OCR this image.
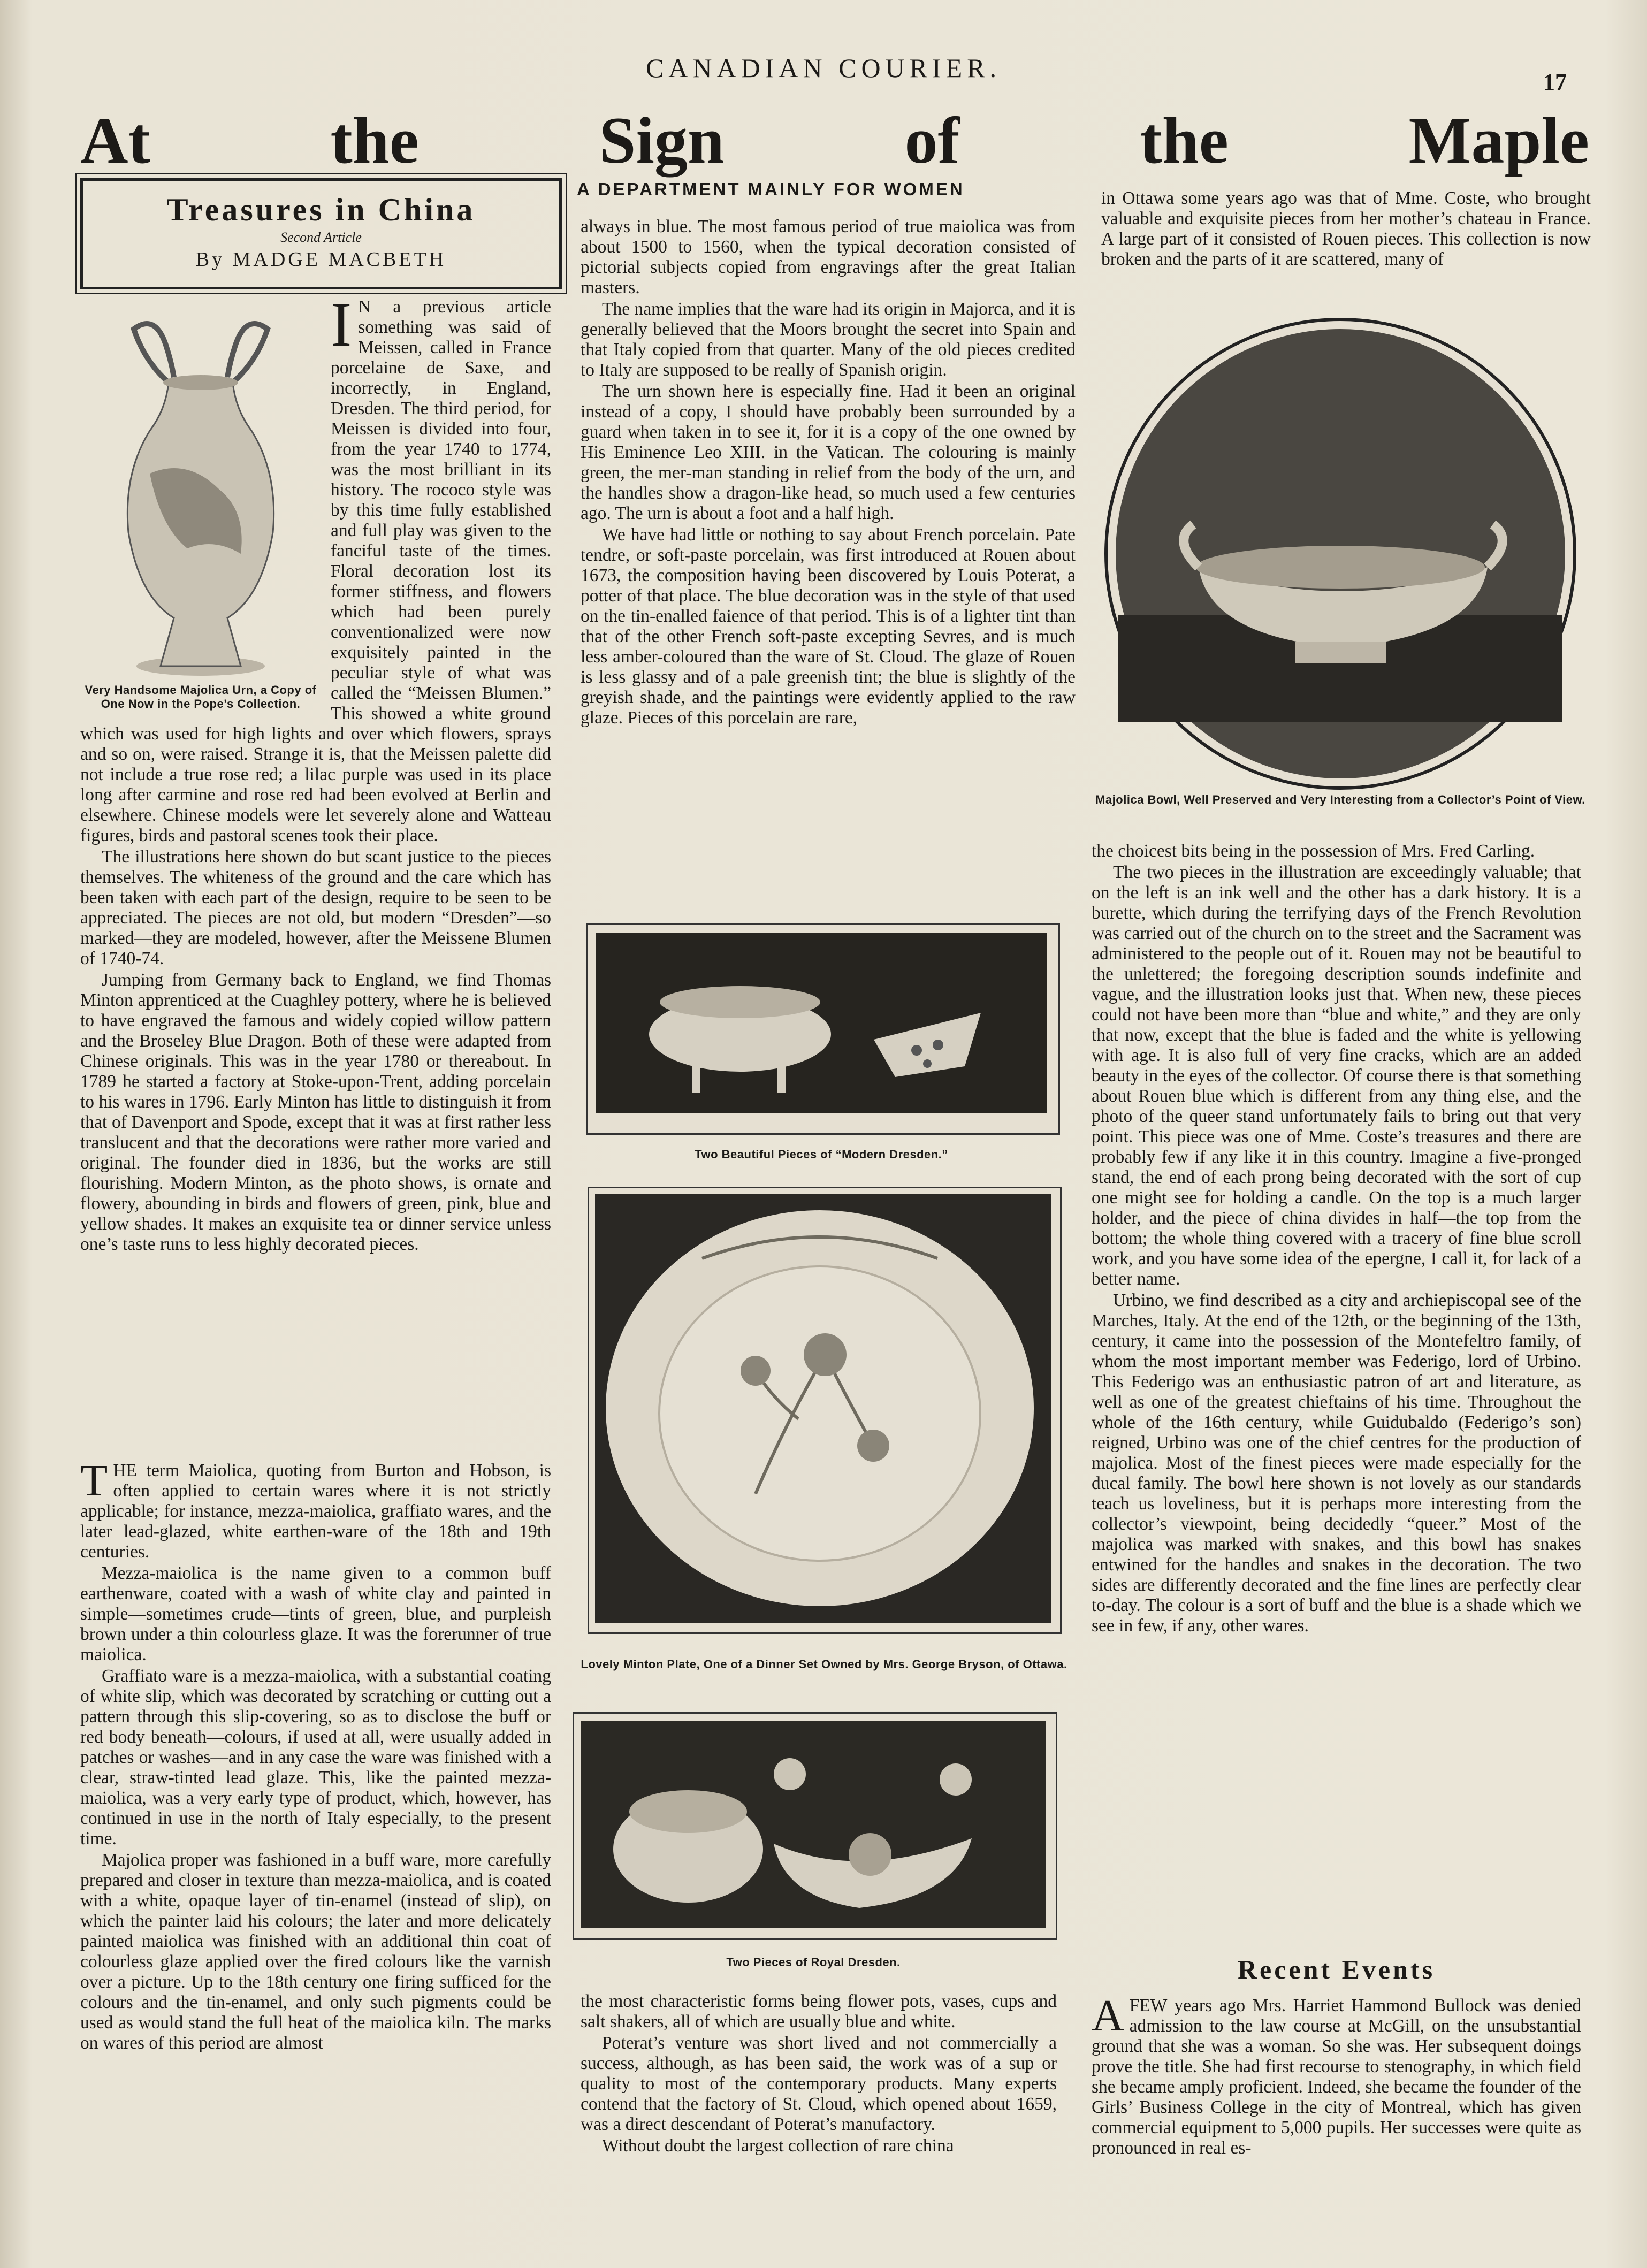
CANADIAN COURIER.	17
At	the	Sign	of	the	Maple
Treasures in China
Second Article
By MADGE MACBETH
A DEPARTMENT MAINLY FOR WOMEN
Very Handsome Majolica Urn, a Copy of One Now in the Pope’s Collection.

I N a previous article something was said of Meissen, called in France porcelaine de Saxe, and incorrectly, in England, Dresden. The third period, for Meissen is divided into four, from the year 1740 to 1774, was the most brilliant in its history. The rococo style was by this time fully established and full play was given to the fanciful taste of the times. Floral decoration lost its former stiffness, and flowers which had been purely conventionalized were now exquisitely painted in the peculiar style of what was called the “Meissen Blumen.” This showed a white ground which was used for high lights and over which flowers, sprays and so on, were raised. Strange it is, that the Meissen palette did not include a true rose red; a lilac purple was used in its place long after carmine and rose red had been evolved at Berlin and elsewhere. Chinese models were let severely alone and Watteau figures, birds and pastoral scenes took their place.

The illustrations here shown do but scant justice to the pieces themselves. The whiteness of the ground and the care which has been taken with each part of the design, require to be seen to be appreciated. The pieces are not old, but modern “Dresden”—so marked—they are modeled, however, after the Meissene Blumen of 1740-74.

Jumping from Germany back to England, we find Thomas Minton apprenticed at the Cuaghley pottery, where he is believed to have engraved the famous and widely copied willow pattern and the Broseley Blue Dragon. Both of these were adapted from Chinese originals. This was in the year 1780 or thereabout. In 1789 he started a factory at Stoke-upon-Trent, adding porcelain to his wares in 1796. Early Minton has little to distinguish it from that of Davenport and Spode, except that it was at first rather less translucent and that the decorations were rather more varied and original. The founder died in 1836, but the works are still flourishing. Modern Minton, as the photo shows, is ornate and flowery, abounding in birds and flowers of green, pink, blue and yellow shades. It makes an exquisite tea or dinner service unless one’s taste runs to less highly decorated pieces.

THE term Maiolica, quoting from Burton and Hobson, is often applied to certain wares where it is not strictly applicable; for instance, mezza-maiolica, graffiato wares, and the later lead-glazed, white earthen-ware of the 18th and 19th centuries.

Mezza-maiolica is the name given to a common buff earthenware, coated with a wash of white clay and painted in simple—sometimes crude—tints of green, blue, and purpleish brown under a thin colourless glaze. It was the forerunner of true maiolica.

Graffiato ware is a mezza-maiolica, with a substantial coating of white slip, which was decorated by scratching or cutting out a pattern through this slip-covering, so as to disclose the buff or red body beneath—colours, if used at all, were usually added in patches or washes—and in any case the ware was finished with a clear, straw-tinted lead glaze. This, like the painted mezza-maiolica, was a very early type of product, which, however, has continued in use in the north of Italy especially, to the present time.

Majolica proper was fashioned in a buff ware, more carefully prepared and closer in texture than mezza-maiolica, and is coated with a white, opaque layer of tin-enamel (instead of slip), on which the painter laid his colours; the later and more delicately painted maiolica was finished with an additional thin coat of colourless glaze applied over the fired colours like the varnish over a picture. Up to the 18th century one firing sufficed for the colours and the tin-enamel, and only such pigments could be used as would stand the full heat of the maiolica kiln. The marks on wares of this period are almost

always in blue. The most famous period of true maiolica was from about 1500 to 1560, when the typical decoration consisted of pictorial subjects copied from engravings after the great Italian masters.

The name implies that the ware had its origin in Majorca, and it is generally believed that the Moors brought the secret into Spain and that Italy copied from that quarter. Many of the old pieces credited to Italy are supposed to be really of Spanish origin.

The urn shown here is especially fine. Had it been an original instead of a copy, I should have probably been surrounded by a guard when taken in to see it, for it is a copy of the one owned by His Eminence Leo XIII. in the Vatican. The colouring is mainly green, the mer-man standing in relief from the body of the urn, and the handles show a dragon-like head, so much used a few centuries ago. The urn is about a foot and a half high.

We have had little or nothing to say about French porcelain. Pate tendre, or soft-paste porcelain, was first introduced at Rouen about 1673, the composition having been discovered by Louis Poterat, a potter of that place. The blue decoration was in the style of that used on the tin-enalled faience of that period. This is of a lighter tint than that of the other French soft-paste excepting Sevres, and is much less amber-coloured than the ware of St. Cloud. The glaze of Rouen is less glassy and of a pale greenish tint; the blue is slightly of the greyish shade, and the paintings were evidently applied to the raw glaze. Pieces of this porcelain are rare,

Two Beautiful Pieces of “Modern Dresden.”
Lovely Minton Plate, One of a Dinner Set Owned by Mrs. George Bryson, of Ottawa.
Two Pieces of Royal Dresden.

the most characteristic forms being flower pots, vases, cups and salt shakers, all of which are usually blue and white.

Poterat’s venture was short lived and not commercially a success, although, as has been said, the work was of a sup or quality to most of the contemporary products. Many experts contend that the factory of St. Cloud, which opened about 1659, was a direct descendant of Poterat’s manufactory.

Without doubt the largest collection of rare china

in Ottawa some years ago was that of Mme. Coste, who brought valuable and exquisite pieces from her mother’s chateau in France. A large part of it consisted of Rouen pieces. This collection is now broken and the parts of it are scattered, many of

Majolica Bowl, Well Preserved and Very Interesting from a Collector’s Point of View.

the choicest bits being in the possession of Mrs. Fred Carling.

The two pieces in the illustration are exceedingly valuable; that on the left is an ink well and the other has a dark history. It is a burette, which during the terrifying days of the French Revolution was carried out of the church on to the street and the Sacrament was administered to the people out of it. Rouen may not be beautiful to the unlettered; the foregoing description sounds indefinite and vague, and the illustration looks just that. When new, these pieces could not have been more than “blue and white,” and they are only that now, except that the blue is faded and the white is yellowing with age. It is also full of very fine cracks, which are an added beauty in the eyes of the collector. Of course there is that something about Rouen blue which is different from any thing else, and the photo of the queer stand unfortunately fails to bring out that very point. This piece was one of Mme. Coste’s treasures and there are probably few if any like it in this country. Imagine a five-pronged stand, the end of each prong being decorated with the sort of cup one might see for holding a candle. On the top is a much larger holder, and the piece of china divides in half—the top from the bottom; the whole thing covered with a tracery of fine blue scroll work, and you have some idea of the epergne, I call it, for lack of a better name.

Urbino, we find described as a city and archiepiscopal see of the Marches, Italy. At the end of the 12th, or the beginning of the 13th, century, it came into the possession of the Montefeltro family, of whom the most important member was Federigo, lord of Urbino. This Federigo was an enthusiastic patron of art and literature, as well as one of the greatest chieftains of his time. Throughout the whole of the 16th century, while Guidubaldo (Federigo’s son) reigned, Urbino was one of the chief centres for the production of majolica. Most of the finest pieces were made especially for the ducal family. The bowl here shown is not lovely as our standards teach us loveliness, but it is perhaps more interesting from the collector’s viewpoint, being decidedly “queer.” Most of the majolica was marked with snakes, and this bowl has snakes entwined for the handles and snakes in the decoration. The two sides are differently decorated and the fine lines are perfectly clear to-day. The colour is a sort of buff and the blue is a shade which we see in few, if any, other wares.

Recent Events

AFEW years ago Mrs. Harriet Hammond Bullock was denied admission to the law course at McGill, on the unsubstantial ground that she was a woman. So she was. Her subsequent doings prove the title. She had first recourse to stenography, in which field she became amply proficient. Indeed, she became the founder of the Girls’ Business College in the city of Montreal, which has given commercial equipment to 5,000 pupils. Her successes were quite as pronounced in real es-
